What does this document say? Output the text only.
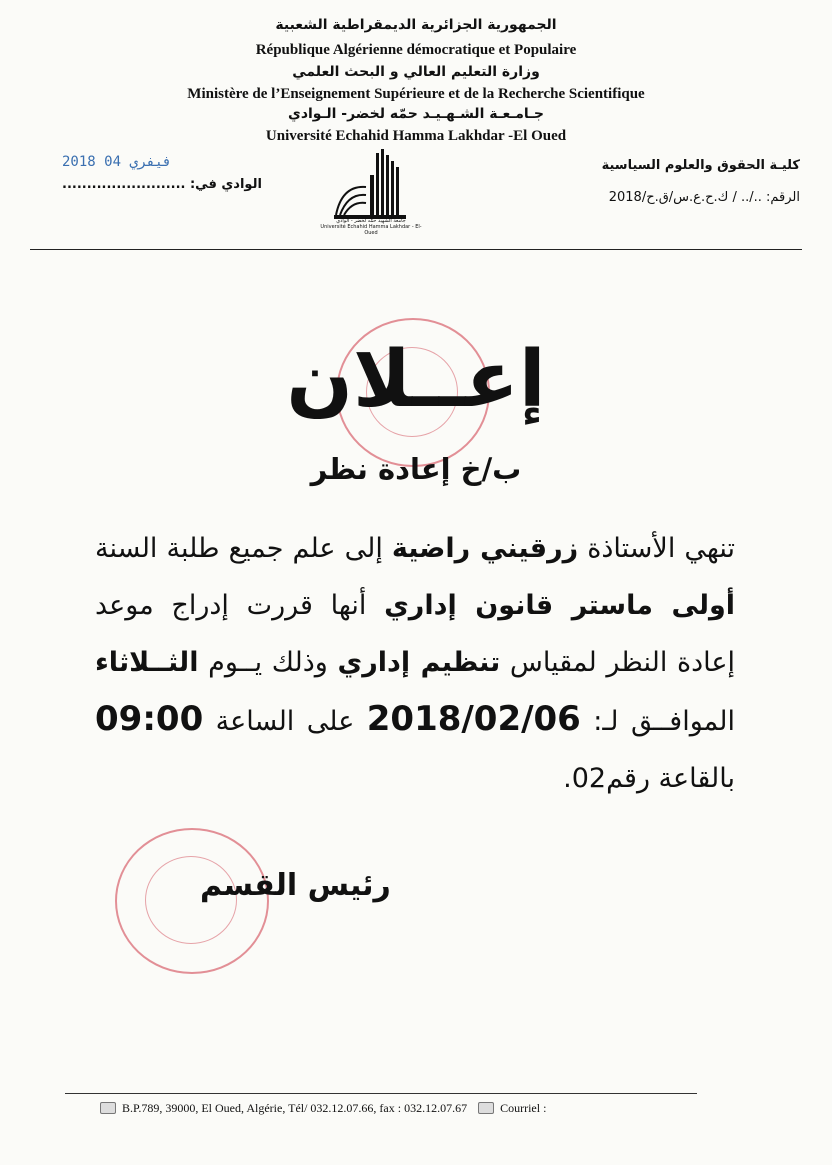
الجمهورية الجزائرية الديمقراطية الشعبية
République Algérienne démocratique et Populaire
وزارة التعليم العالي و البحث العلمي
Ministère de l’Enseignement Supérieure et de la Recherche Scientifique
جـامـعـة الشـهـيـد حمّه لخضر- الـوادي
Université Echahid Hamma Lakhdar -El Oued
2018 فيفري 04
الوادي في: .........................
كليـة الحقوق والعلوم السياسية
الرقم: ../.. / ك.ح.ع.س/ق.ح/2018
جامعة الشهيد حمّه لخضر - الوادي
Université Echahid Hamma Lakhdar - El-Oued
إعــلان
ب/خ إعادة نظر
تنهي الأستاذة زرقيني راضية إلى علم جميع طلبة السنة أولى ماستر قانون إداري أنها قررت إدراج موعد إعادة النظر لمقياس تنظيم إداري وذلك يــوم الثــلاثاء الموافــق لـ: 2018/02/06 على الساعة 09:00 بالقاعة رقم02.
رئيس القسم
B.P.789, 39000, El Oued, Algérie, Tél/ 032.12.07.66, fax : 032.12.07.67	Courriel :
